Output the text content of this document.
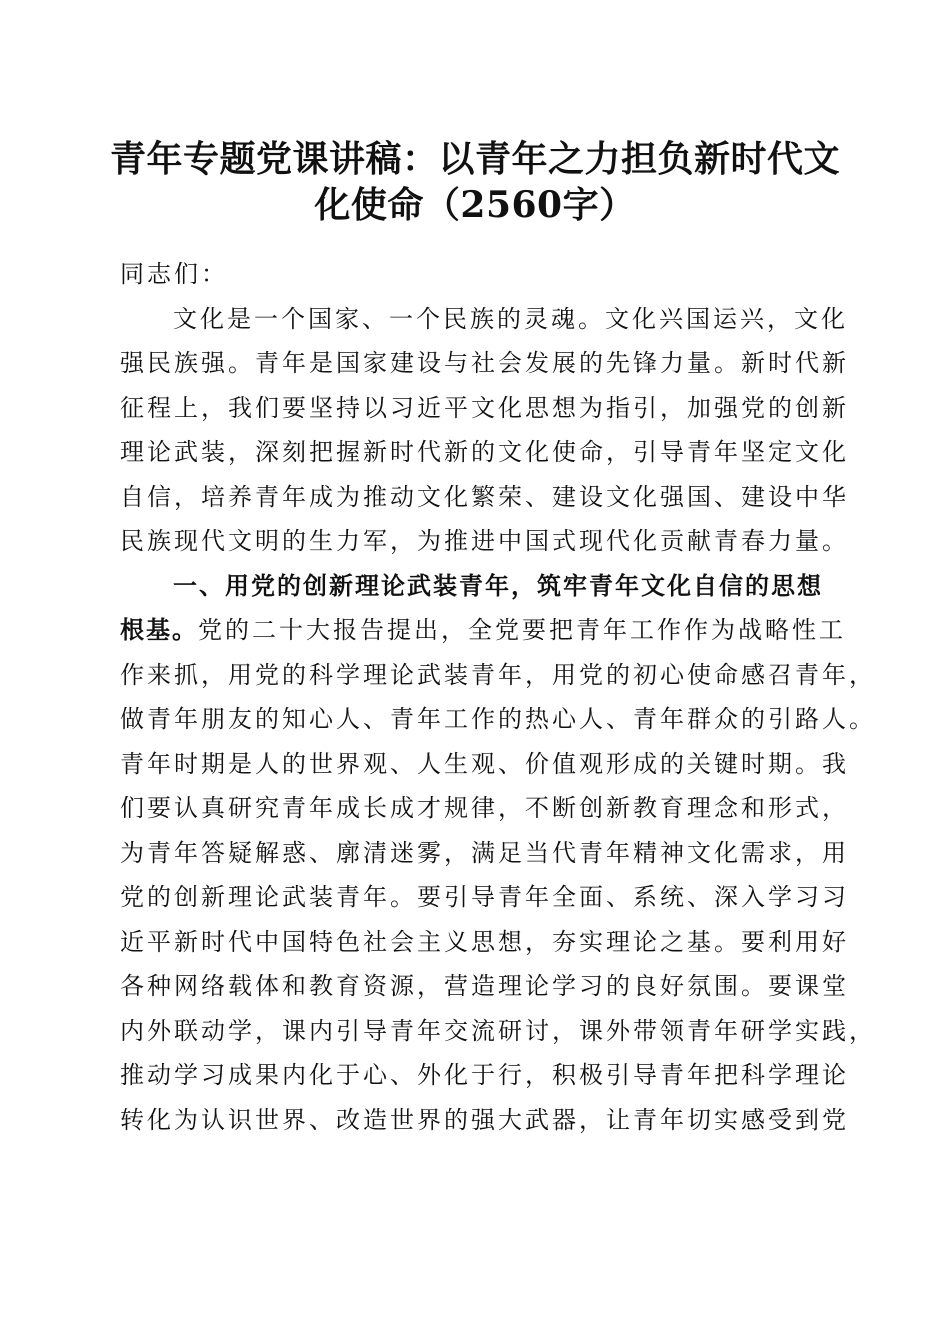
青年专题党课讲稿：以青年之力担负新时代文
化使命（2560字）
同志们：
文化是一个国家、一个民族的灵魂。文化兴国运兴，文化
强民族强。青年是国家建设与社会发展的先锋力量。新时代新
征程上，我们要坚持以习近平文化思想为指引，加强党的创新
理论武装，深刻把握新时代新的文化使命，引导青年坚定文化
自信，培养青年成为推动文化繁荣、建设文化强国、建设中华
民族现代文明的生力军，为推进中国式现代化贡献青春力量。
一、用党的创新理论武装青年，筑牢青年文化自信的思想
根基。党的二十大报告提出，全党要把青年工作作为战略性工
作来抓，用党的科学理论武装青年，用党的初心使命感召青年，
做青年朋友的知心人、青年工作的热心人、青年群众的引路人。
青年时期是人的世界观、人生观、价值观形成的关键时期。我
们要认真研究青年成长成才规律，不断创新教育理念和形式，
为青年答疑解惑、廓清迷雾，满足当代青年精神文化需求，用
党的创新理论武装青年。要引导青年全面、系统、深入学习习
近平新时代中国特色社会主义思想，夯实理论之基。要利用好
各种网络载体和教育资源，营造理论学习的良好氛围。要课堂
内外联动学，课内引导青年交流研讨，课外带领青年研学实践，
推动学习成果内化于心、外化于行，积极引导青年把科学理论
转化为认识世界、改造世界的强大武器，让青年切实感受到党
